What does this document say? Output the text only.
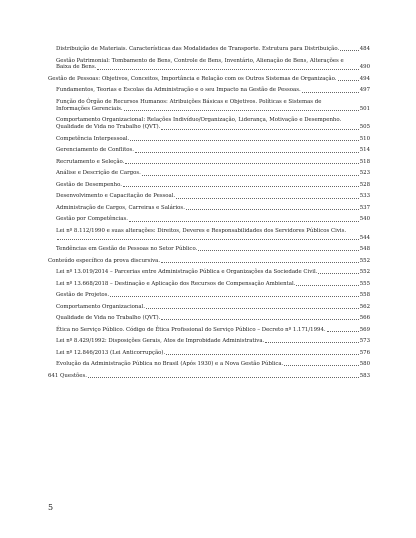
Distribuição de Materiais. Características das Modalidades de Transporte. Estrutura para Distribuição.	484
Gestão Patrimonial: Tombamento de Bens, Controle de Bens, Inventário, Alienação de Bens, Alterações e
Baixa de Bens.	490
Gestão de Pessoas: Objetivos, Conceitos, Importância e Relação com os Outros Sistemas de Organização.	494
Fundamentos, Teorias e Escolas da Administração e o seu Impacto na Gestão de Pessoas.	497
Função do Órgão de Recursos Humanos: Atribuições Básicas e Objetivos. Políticas e Sistemas de
Informações Gerenciais.	501
Comportamento Organizacional: Relações Indivíduo/Organização, Liderança, Motivação e Desempenho.
Qualidade de Vida no Trabalho (QVT).	505
Competência Interpessoal.	510
Gerenciamento de Conflitos.	514
Recrutamento e Seleção.	518
Análise e Descrição de Cargos.	523
Gestão de Desempenho.	528
Desenvolvimento e Capacitação de Pessoal.	533
Administração de Cargos, Carreiras e Salários.	537
Gestão por Competências.	540
Lei nº 8.112/1990 e suas alterações: Direitos, Deveres e Responsabilidades dos Servidores Públicos Civis.
544
Tendências em Gestão de Pessoas no Setor Público.	548
Conteúdo específico da prova discursiva.	552
Lei nº 13.019/2014 – Parcerias entre Administração Pública e Organizações da Sociedade Civil.	552
Lei nº 13.668/2018 – Destinação e Aplicação dos Recursos de Compensação Ambiental.	555
Gestão de Projetos.	558
Comportamento Organizacional.	562
Qualidade de Vida no Trabalho (QVT).	566
Ética no Serviço Público. Código de Ética Profissional do Serviço Público – Decreto nº 1.171/1994.	569
Lei nº 8.429/1992: Disposições Gerais, Atos de Improbidade Administrativa.	573
Lei nº 12.846/2013 (Lei Anticorrupção).	576
Evolução da Administração Pública no Brasil (Após 1930) e a Nova Gestão Pública.	580
641 Questões.	583
5
